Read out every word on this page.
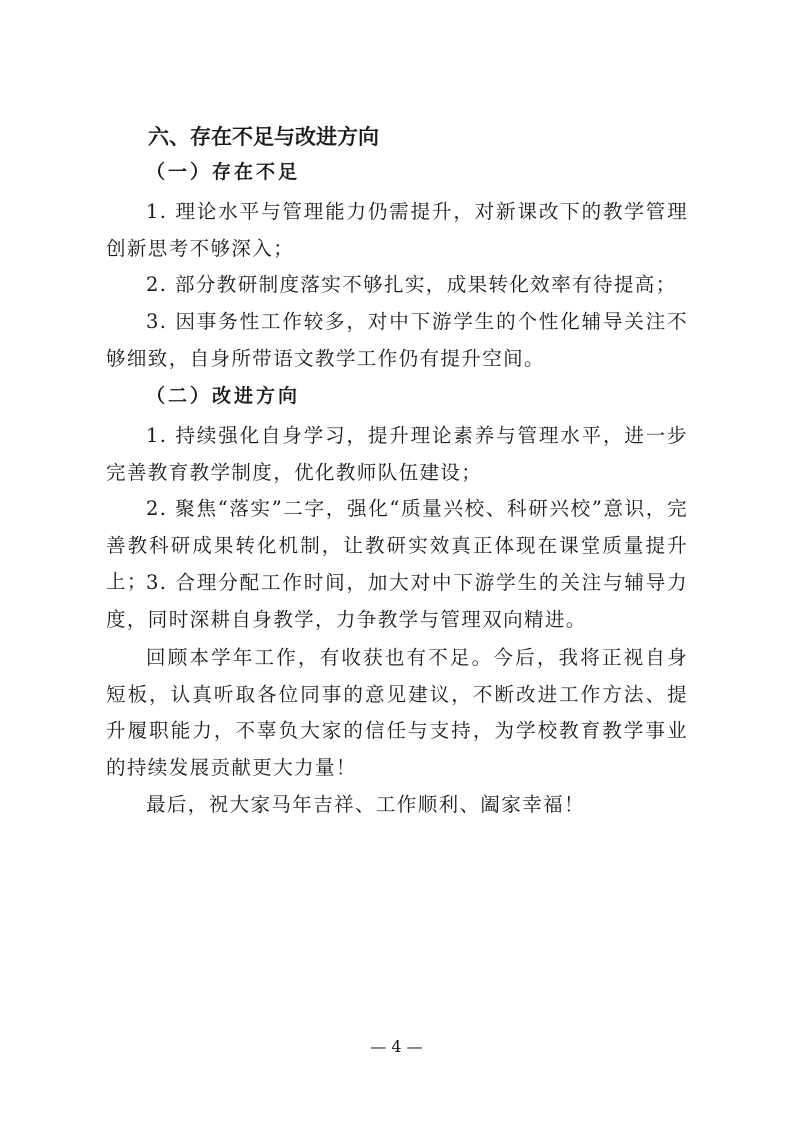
六、存在不足与改进方向
（一）存在不足

1. 理论水平与管理能力仍需提升，对新课改下的教学管理创新思考不够深入；

2. 部分教研制度落实不够扎实，成果转化效率有待提高；

3. 因事务性工作较多，对中下游学生的个性化辅导关注不够细致，自身所带语文教学工作仍有提升空间。

（二）改进方向

1. 持续强化自身学习，提升理论素养与管理水平，进一步完善教育教学制度，优化教师队伍建设；

2. 聚焦“落实”二字，强化“质量兴校、科研兴校”意识，完善教科研成果转化机制，让教研实效真正体现在课堂质量提升上；

3. 合理分配工作时间，加大对中下游学生的关注与辅导力度，同时深耕自身教学，力争教学与管理双向精进。

回顾本学年工作，有收获也有不足。今后，我将正视自身短板，认真听取各位同事的意见建议，不断改进工作方法、提升履职能力，不辜负大家的信任与支持，为学校教育教学事业的持续发展贡献更大力量！

最后，祝大家马年吉祥、工作顺利、阖家幸福！

— 4 —
